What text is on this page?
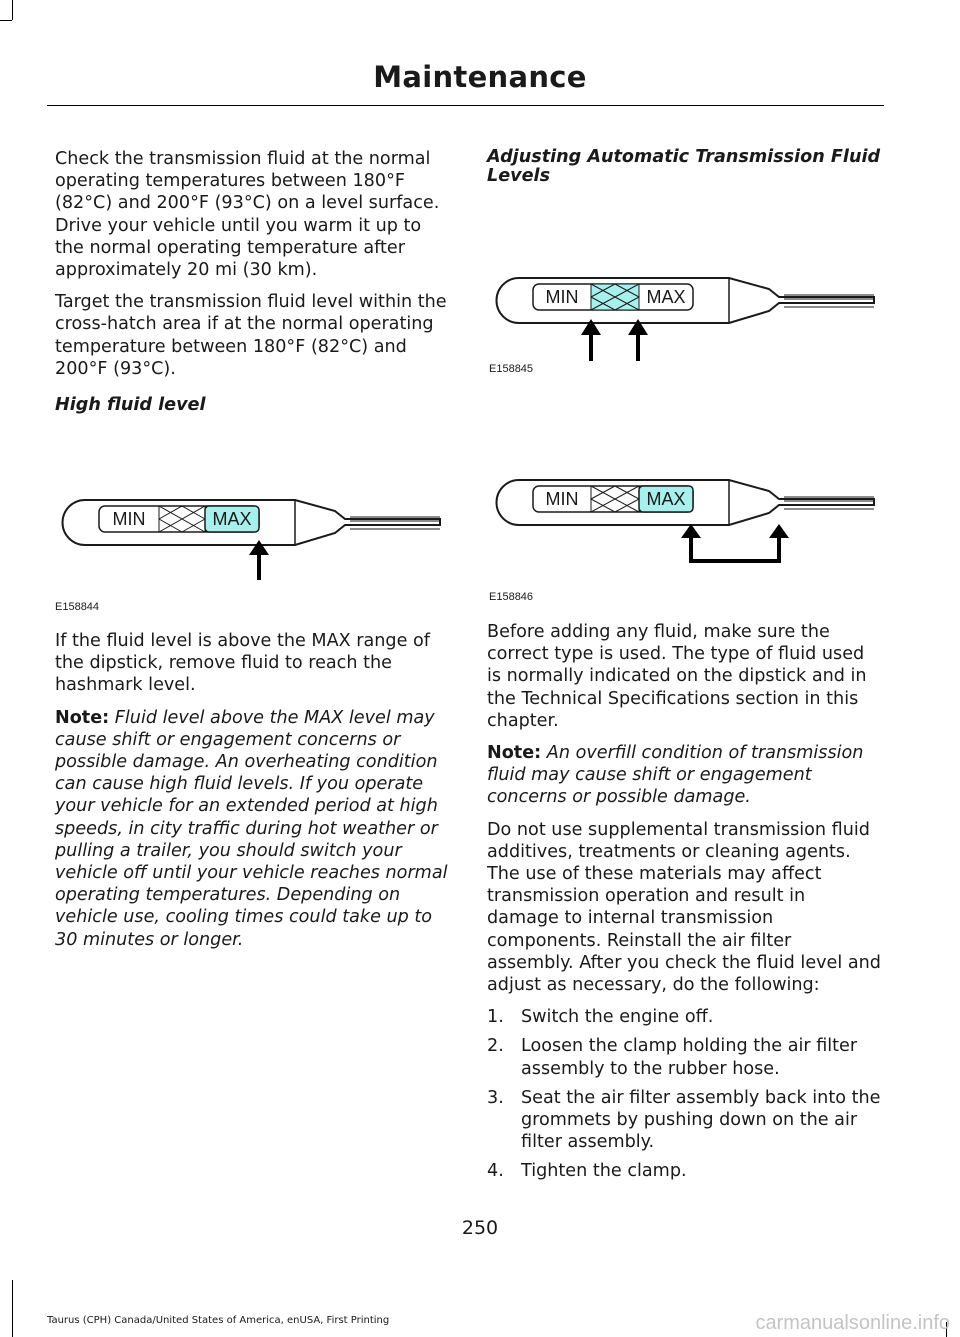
Maintenance

Check the transmission fluid at the normal operating temperatures between 180°F (82°C) and 200°F (93°C) on a level surface. Drive your vehicle until you warm it up to the normal operating temperature after approximately 20 mi (30 km).

Target the transmission fluid level within the cross-hatch area if at the normal operating temperature between 180°F (82°C) and 200°F (93°C).

High fluid level

MIN	MAX
E158844

If the fluid level is above the MAX range of the dipstick, remove fluid to reach the hashmark level.

Note: Fluid level above the MAX level may cause shift or engagement concerns or possible damage. An overheating condition can cause high fluid levels. If you operate your vehicle for an extended period at high speeds, in city traffic during hot weather or pulling a trailer, you should switch your vehicle off until your vehicle reaches normal operating temperatures. Depending on vehicle use, cooling times could take up to 30 minutes or longer.

Adjusting Automatic Transmission Fluid Levels

MIN	MAX
E158845
MIN	MAX
E158846

Before adding any fluid, make sure the correct type is used. The type of fluid used is normally indicated on the dipstick and in the Technical Specifications section in this chapter.

Note: An overfill condition of transmission fluid may cause shift or engagement concerns or possible damage.

Do not use supplemental transmission fluid additives, treatments or cleaning agents. The use of these materials may affect transmission operation and result in damage to internal transmission components. Reinstall the air filter assembly. After you check the fluid level and adjust as necessary, do the following:

1. Switch the engine off.
2. Loosen the clamp holding the air filter assembly to the rubber hose.
3. Seat the air filter assembly back into the grommets by pushing down on the air filter assembly.
4. Tighten the clamp.
250
Taurus (CPH) Canada/United States of America, enUSA, First Printing	carmanualsonline.info
